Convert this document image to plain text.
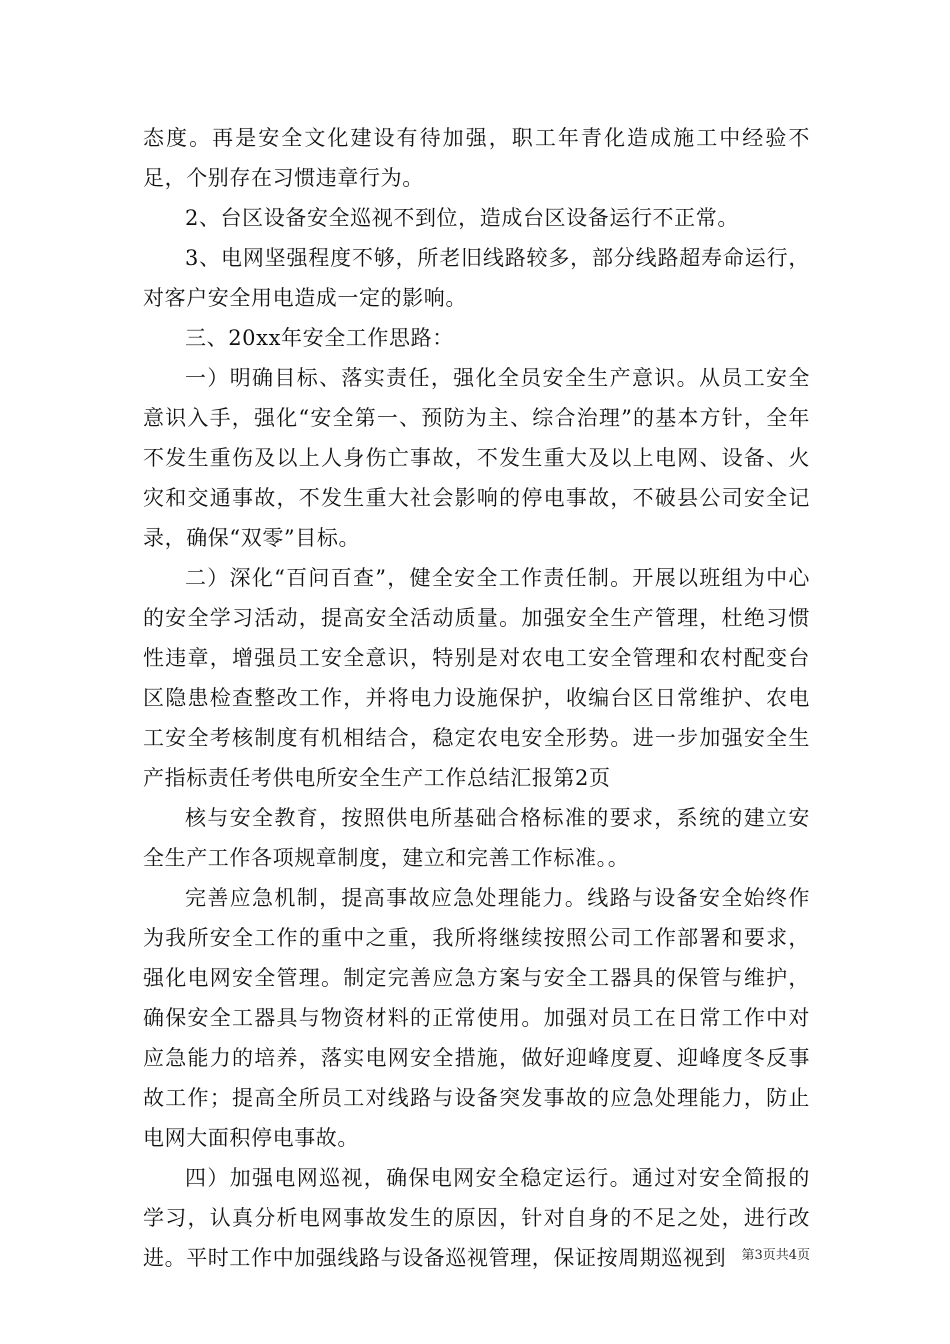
态度。再是安全文化建设有待加强，职工年青化造成施工中经验不足，个别存在习惯违章行为。

2、台区设备安全巡视不到位，造成台区设备运行不正常。

3、电网坚强程度不够，所老旧线路较多，部分线路超寿命运行，对客户安全用电造成一定的影响。

三、20xx年安全工作思路：

一）明确目标、落实责任，强化全员安全生产意识。从员工安全意识入手，强化“安全第一、预防为主、综合治理”的基本方针，全年不发生重伤及以上人身伤亡事故，不发生重大及以上电网、设备、火灾和交通事故，不发生重大社会影响的停电事故，不破县公司安全记录，确保“双零”目标。

二）深化“百问百查”，健全安全工作责任制。开展以班组为中心的安全学习活动，提高安全活动质量。加强安全生产管理，杜绝习惯性违章，增强员工安全意识，特别是对农电工安全管理和农村配变台区隐患检查整改工作，并将电力设施保护，收编台区日常维护、农电工安全考核制度有机相结合，稳定农电安全形势。进一步加强安全生产指标责任考供电所安全生产工作总结汇报第2页

核与安全教育，按照供电所基础合格标准的要求，系统的建立安全生产工作各项规章制度，建立和完善工作标准。。

完善应急机制，提高事故应急处理能力。线路与设备安全始终作为我所安全工作的重中之重，我所将继续按照公司工作部署和要求，强化电网安全管理。制定完善应急方案与安全工器具的保管与维护，确保安全工器具与物资材料的正常使用。加强对员工在日常工作中对应急能力的培养，落实电网安全措施，做好迎峰度夏、迎峰度冬反事故工作；提高全所员工对线路与设备突发事故的应急处理能力，防止电网大面积停电事故。

四）加强电网巡视，确保电网安全稳定运行。通过对安全简报的学习，认真分析电网事故发生的原因，针对自身的不足之处，进行改进。平时工作中加强线路与设备巡视管理，保证按周期巡视到	第3页共4页
